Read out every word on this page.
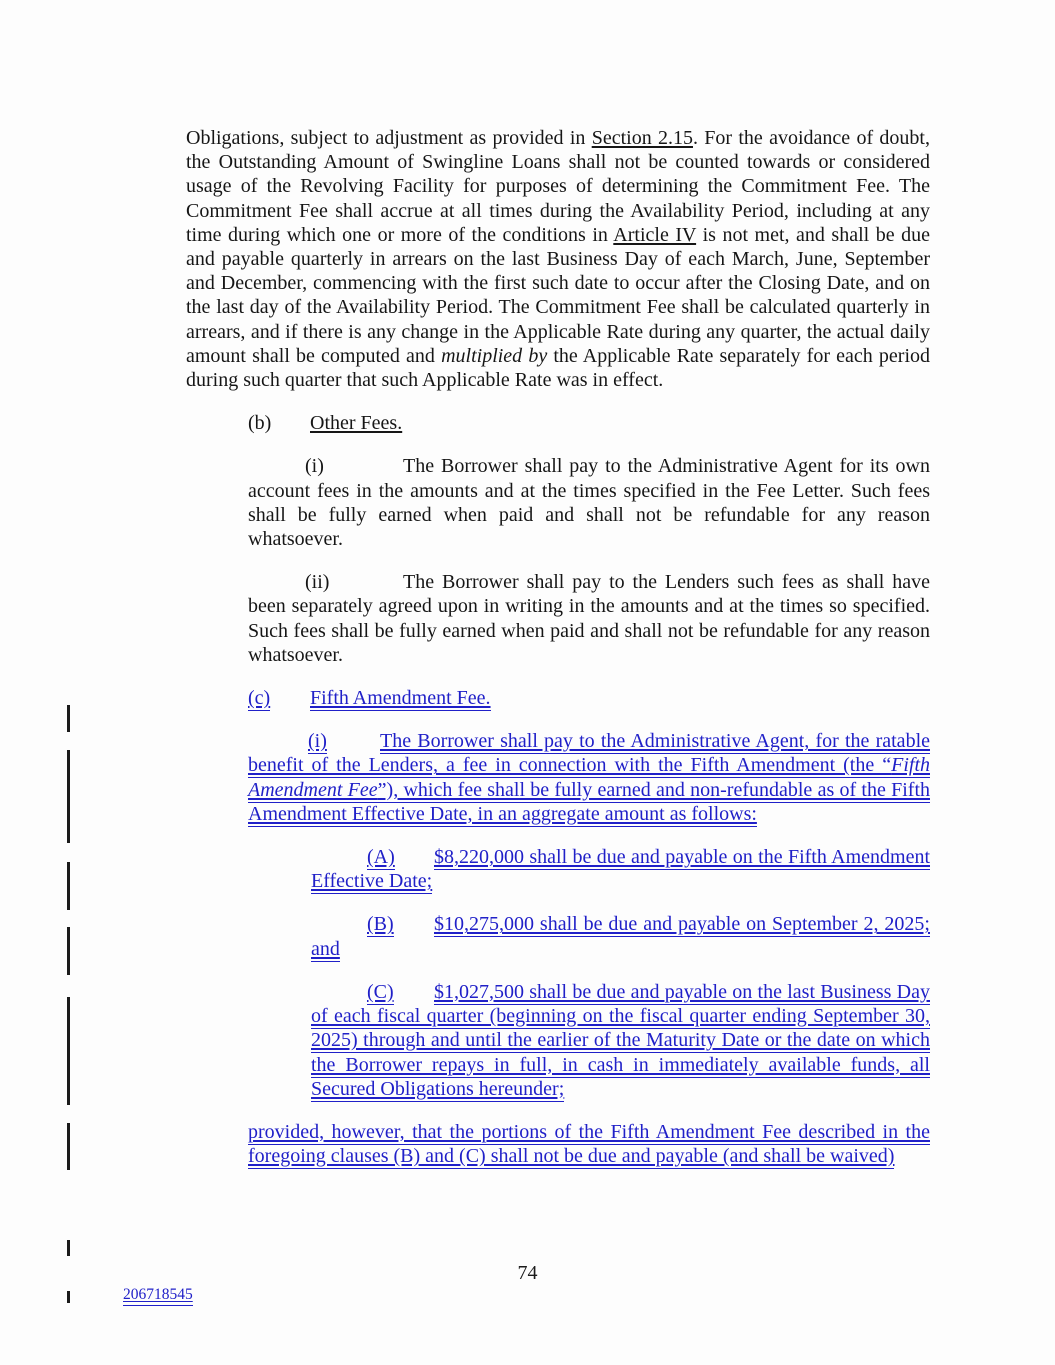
Obligations, subject to adjustment as provided in Section 2.15. For the avoidance of doubt, the Outstanding Amount of Swingline Loans shall not be counted towards or considered usage of the Revolving Facility for purposes of determining the Commitment Fee. The Commitment Fee shall accrue at all times during the Availability Period, including at any time during which one or more of the conditions in Article IV is not met, and shall be due and payable quarterly in arrears on the last Business Day of each March, June, September and December, commencing with the first such date to occur after the Closing Date, and on the last day of the Availability Period. The Commitment Fee shall be calculated quarterly in arrears, and if there is any change in the Applicable Rate during any quarter, the actual daily amount shall be computed and multiplied by the Applicable Rate separately for each period during such quarter that such Applicable Rate was in effect.

(b) Other Fees.

(i)	The Borrower shall pay to the Administrative Agent for its own account fees in the amounts and at the times specified in the Fee Letter. Such fees shall be fully earned when paid and shall not be refundable for any reason whatsoever.

(ii)	The Borrower shall pay to the Lenders such fees as shall have been separately agreed upon in writing in the amounts and at the times so specified. Such fees shall be fully earned when paid and shall not be refundable for any reason whatsoever.

(c) Fifth Amendment Fee.

(i)	The Borrower shall pay to the Administrative Agent, for the ratable benefit of the Lenders, a fee in connection with the Fifth Amendment (the “Fifth Amendment Fee”), which fee shall be fully earned and non-refundable as of the Fifth Amendment Effective Date, in an aggregate amount as follows:

(A) $8,220,000 shall be due and payable on the Fifth Amendment Effective Date;

(B) $10,275,000 shall be due and payable on September 2, 2025; and

(C) $1,027,500 shall be due and payable on the last Business Day of each fiscal quarter (beginning on the fiscal quarter ending September 30, 2025) through and until the earlier of the Maturity Date or the date on which the Borrower repays in full, in cash in immediately available funds, all Secured Obligations hereunder;

provided, however, that the portions of the Fifth Amendment Fee described in the foregoing clauses (B) and (C) shall not be due and payable (and shall be waived)

74
206718545
